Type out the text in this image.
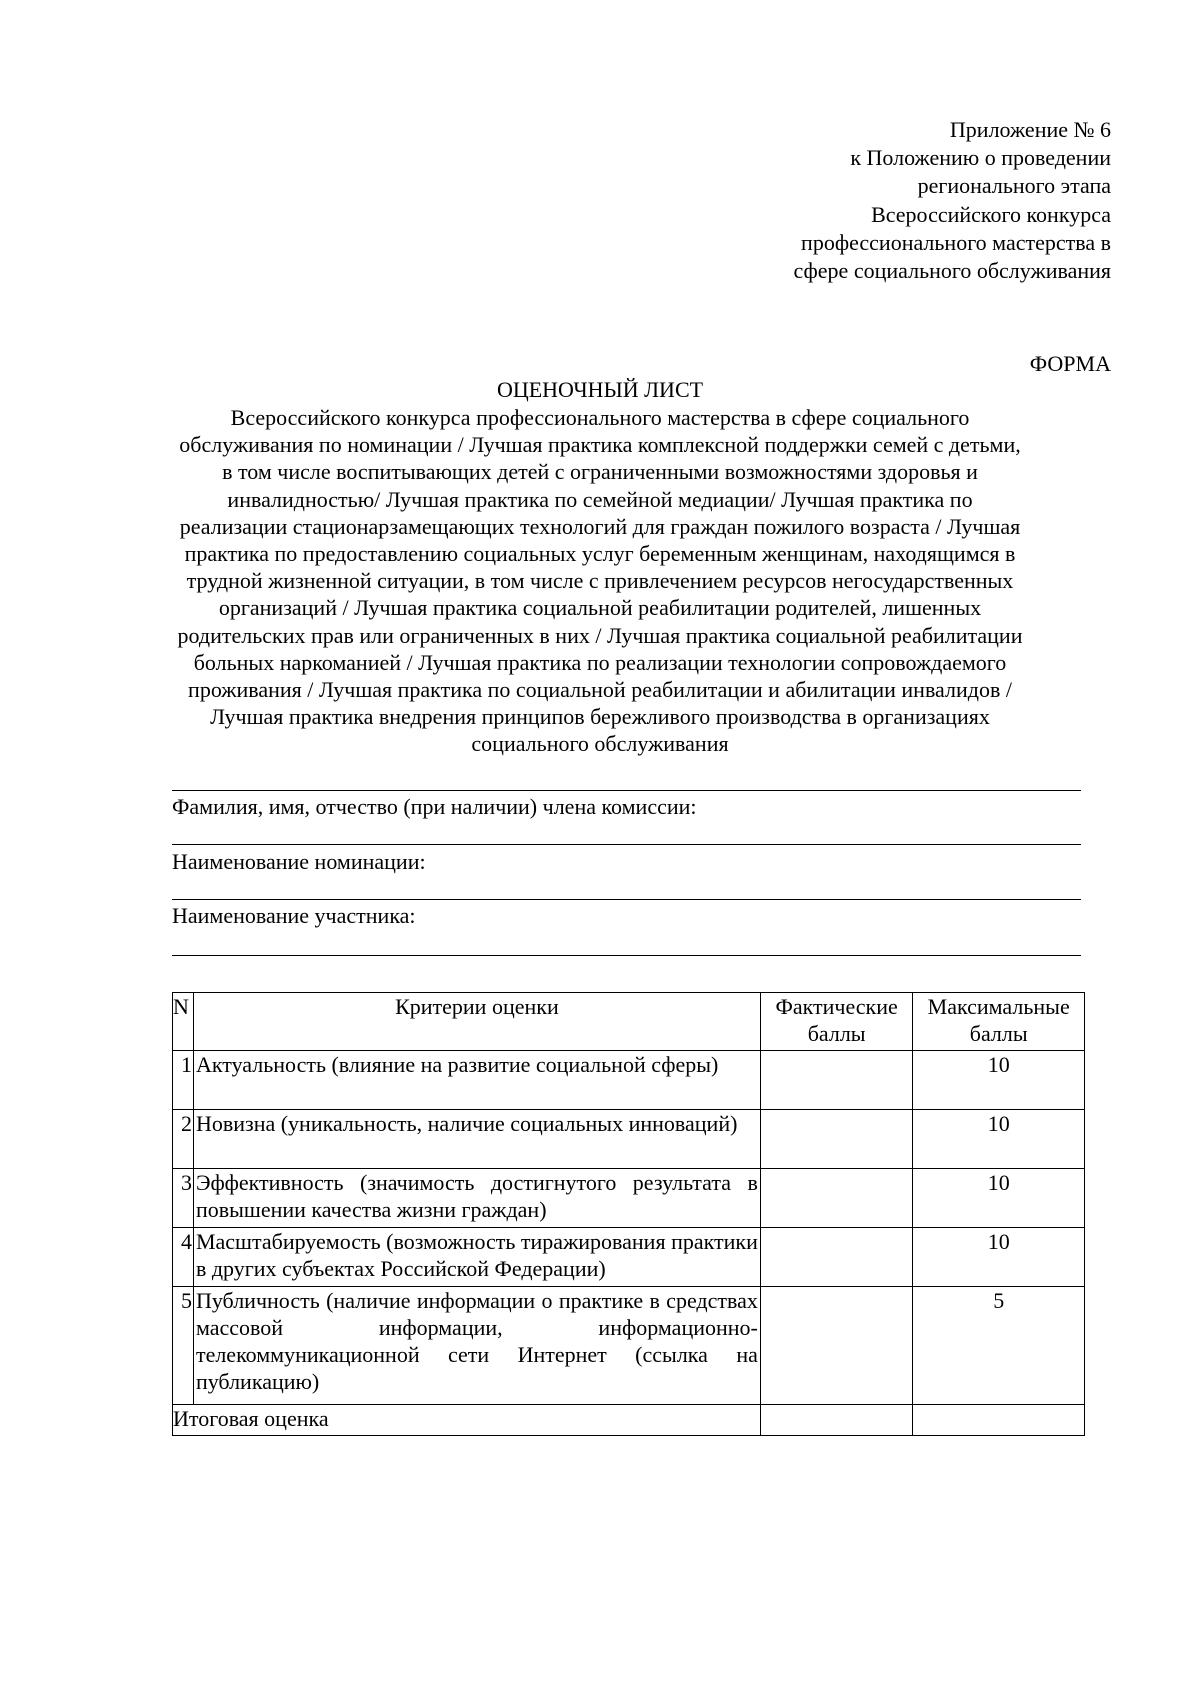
Приложение № 6
к Положению о проведении
регионального этапа
Всероссийского конкурса
профессионального мастерства в
сфере социального обслуживания
ФОРМА
ОЦЕНОЧНЫЙ ЛИСТ
Всероссийского конкурса профессионального мастерства в сфере социального
обслуживания по номинации / Лучшая практика комплексной поддержки семей с детьми,
в том числе воспитывающих детей с ограниченными возможностями здоровья и
инвалидностью/ Лучшая практика по семейной медиации/ Лучшая практика по
реализации стационарзамещающих технологий для граждан пожилого возраста / Лучшая
практика по предоставлению социальных услуг беременным женщинам, находящимся в
трудной жизненной ситуации, в том числе с привлечением ресурсов негосударственных
организаций / Лучшая практика социальной реабилитации родителей, лишенных
родительских прав или ограниченных в них / Лучшая практика социальной реабилитации
больных наркоманией / Лучшая практика по реализации технологии сопровождаемого
проживания / Лучшая практика по социальной реабилитации и абилитации инвалидов /
Лучшая практика внедрения принципов бережливого производства в организациях
социального обслуживания
Фамилия, имя, отчество (при наличии) члена комиссии:
Наименование номинации:
Наименование участника:
N	Критерии оценки	Фактические баллы	Максимальные баллы
1	Актуальность (влияние на развитие социальной сферы)		10
2	Новизна (уникальность, наличие социальных инноваций)		10
3	Эффективность (значимость достигнутого результата в повышении качества жизни граждан)		10
4	Масштабируемость (возможность тиражирования практики в других субъектах Российской Федерации)		10
5	Публичность (наличие информации о практике в средствах массовой информации, информационно-телекоммуникационной сети Интернет (ссылка на публикацию)		5
Итоговая оценка			
